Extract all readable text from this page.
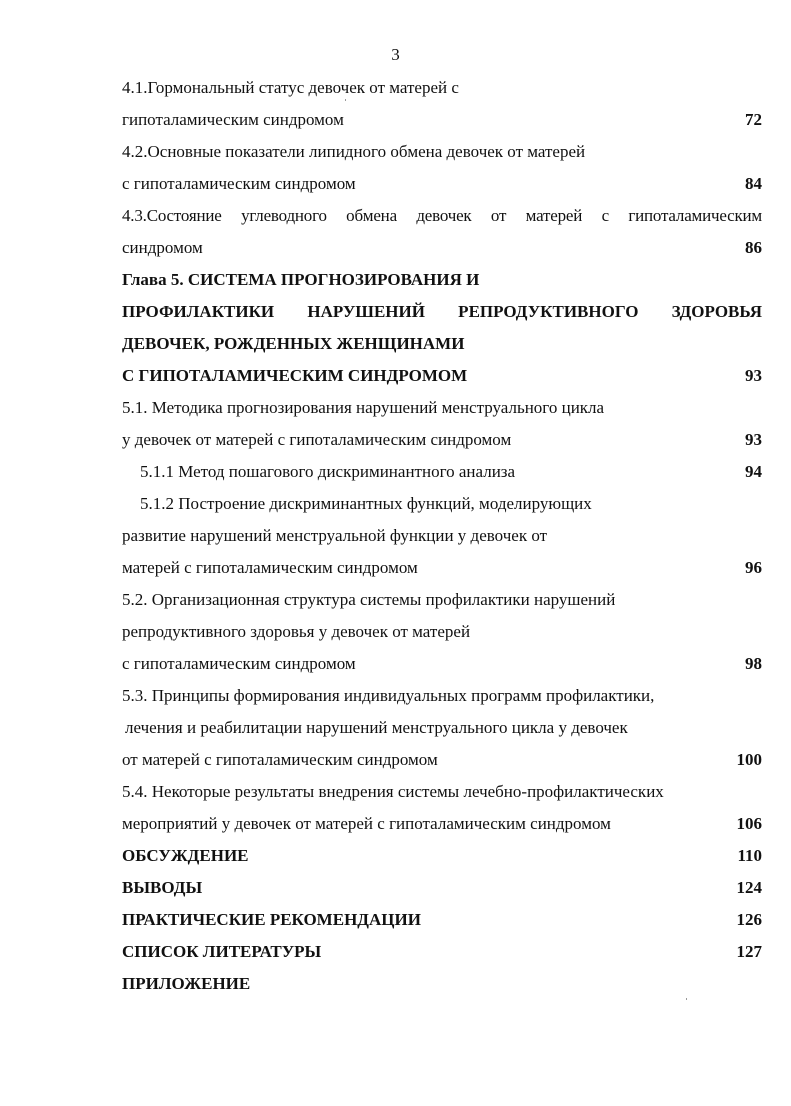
3
4.1.Гормональный статус девочек от матерей с
гипоталамическим синдромом	72
4.2.Основные показатели липидного обмена девочек от матерей
с гипоталамическим синдромом	84
4.3.Состояние углеводного обмена девочек от матерей с гипоталамическим
синдромом	86
Глава 5. СИСТЕМА ПРОГНОЗИРОВАНИЯ И
ПРОФИЛАКТИКИ НАРУШЕНИЙ РЕПРОДУКТИВНОГО ЗДОРОВЬЯ
ДЕВОЧЕК, РОЖДЕННЫХ ЖЕНЩИНАМИ
С ГИПОТАЛАМИЧЕСКИМ СИНДРОМОМ	93
5.1. Методика прогнозирования нарушений менструального цикла
у девочек от матерей с гипоталамическим синдромом	93
5.1.1 Метод пошагового дискриминантного анализа	94
5.1.2 Построение дискриминантных функций, моделирующих
развитие нарушений менструальной функции у девочек от
матерей с гипоталамическим синдромом	96
5.2. Организационная структура системы профилактики нарушений
репродуктивного здоровья у девочек от матерей
с гипоталамическим синдромом	98
5.3. Принципы формирования индивидуальных программ профилактики,
лечения и реабилитации нарушений менструального цикла у девочек
от матерей с гипоталамическим синдромом	100
5.4. Некоторые результаты внедрения системы лечебно-профилактических
мероприятий у девочек от матерей с гипоталамическим синдромом	106
ОБСУЖДЕНИЕ	110
ВЫВОДЫ	124
ПРАКТИЧЕСКИЕ РЕКОМЕНДАЦИИ	126
СПИСОК ЛИТЕРАТУРЫ	127
ПРИЛОЖЕНИЕ
